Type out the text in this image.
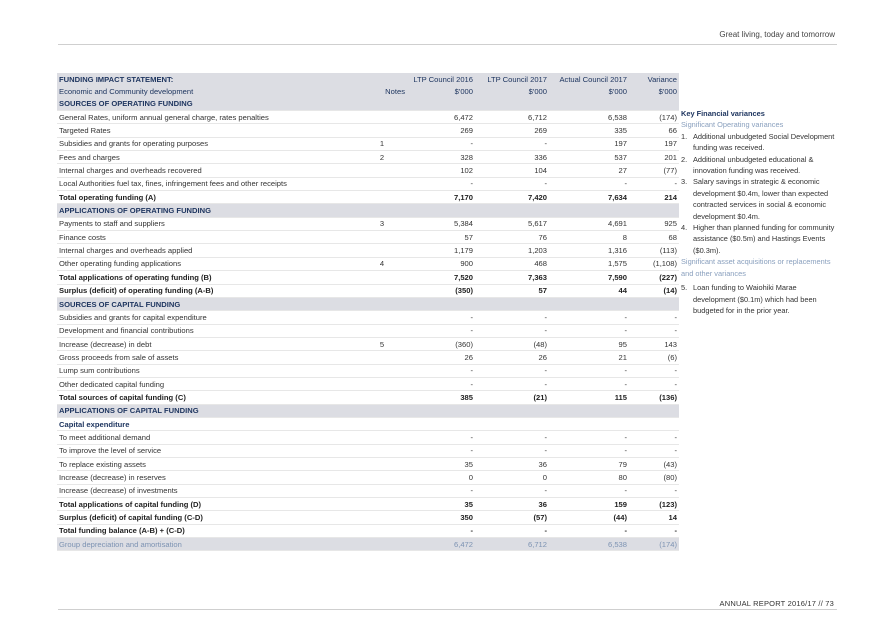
Great living, today and tomorrow
FUNDING IMPACT STATEMENT:		LTP Council 2016	LTP Council 2017	Actual Council 2017	Variance
Economic and Community development	Notes	$'000	$'000	$'000	$'000
SOURCES OF OPERATING FUNDING					
General Rates, uniform annual general charge, rates penalties		6,472	6,712	6,538	(174)
Targeted Rates		269	269	335	66
Subsidies and grants for operating purposes	1	-	-	197	197
Fees and charges	2	328	336	537	201
Internal charges and overheads recovered		102	104	27	(77)
Local Authorities fuel tax, fines, infringement fees and other receipts		-	-	-	-
Total operating funding (A)		7,170	7,420	7,634	214
APPLICATIONS OF OPERATING FUNDING					
Payments to staff and suppliers	3	5,384	5,617	4,691	925
Finance costs		57	76	8	68
Internal charges and overheads applied		1,179	1,203	1,316	(113)
Other operating funding applications	4	900	468	1,575	(1,108)
Total applications of operating funding (B)		7,520	7,363	7,590	(227)
Surplus (deficit) of operating funding (A-B)		(350)	57	44	(14)
SOURCES OF CAPITAL FUNDING					
Subsidies and grants for capital expenditure		-	-	-	-
Development and financial contributions		-	-	-	-
Increase (decrease) in debt	5	(360)	(48)	95	143
Gross proceeds from sale of assets		26	26	21	(6)
Lump sum contributions		-	-	-	-
Other dedicated capital funding		-	-	-	-
Total sources of capital funding (C)		385	(21)	115	(136)
APPLICATIONS OF CAPITAL FUNDING					
Capital expenditure					
To meet additional demand		-	-	-	-
To improve the level of service		-	-	-	-
To replace existing assets		35	36	79	(43)
Increase (decrease) in reserves		0	0	80	(80)
Increase (decrease) of investments		-	-	-	-
Total applications of capital funding (D)		35	36	159	(123)
Surplus (deficit) of capital funding (C-D)		350	(57)	(44)	14
Total funding balance (A-B) + (C-D)		-	-	-	-
Group depreciation and amortisation		6,472	6,712	6,538	(174)
Key Financial variances
Significant Operating variances
1. Additional unbudgeted Social Development funding was received.
2. Additional unbudgeted educational & innovation funding was received.
3. Salary savings in strategic & economic development $0.4m, lower than expected contracted services in social & economic development $0.4m.
4. Higher than planned funding for community assistance ($0.5m) and Hastings Events ($0.3m).
Significant asset acquisitions or replacements and other variances
5. Loan funding to Waiohiki Marae development ($0.1m) which had been budgeted for in the prior year.
ANNUAL REPORT 2016/17 // 73
